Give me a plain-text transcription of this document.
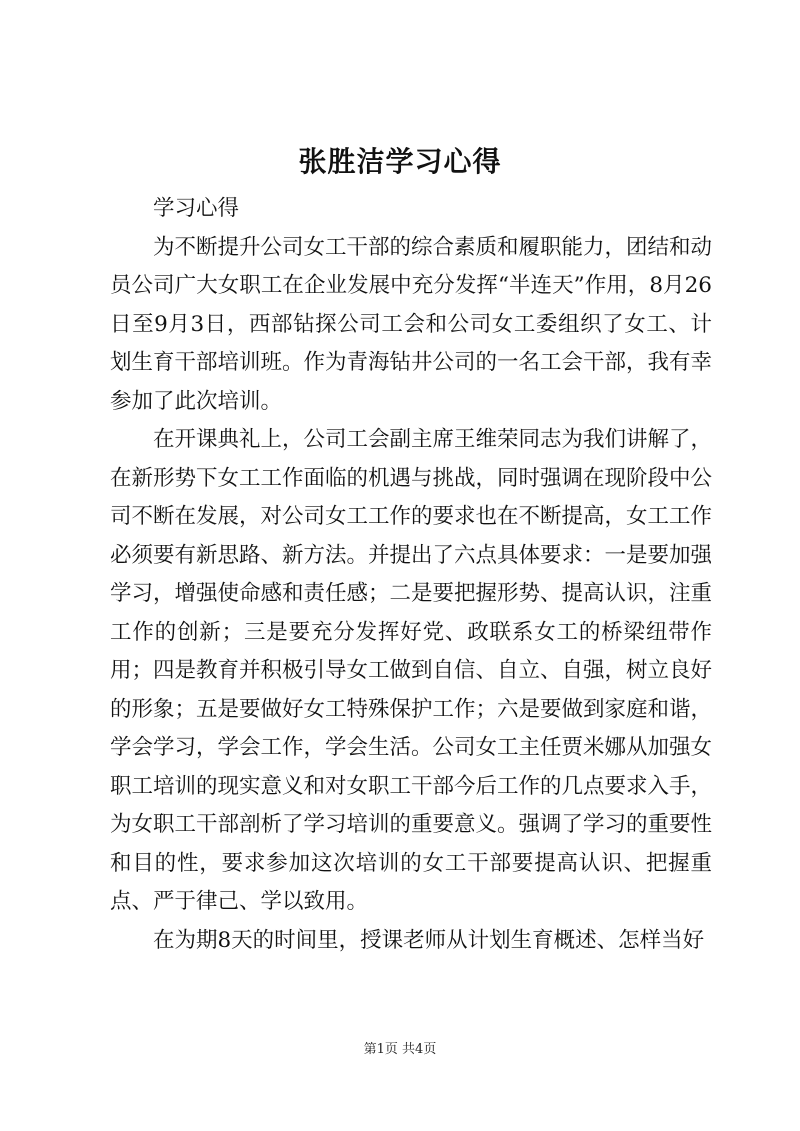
张胜洁学习心得

学习心得

为不断提升公司女工干部的综合素质和履职能力，团结和动员公司广大女职工在企业发展中充分发挥“半连天”作用，8月26日至9月3日，西部钻探公司工会和公司女工委组织了女工、计划生育干部培训班。作为青海钻井公司的一名工会干部，我有幸参加了此次培训。

在开课典礼上，公司工会副主席王维荣同志为我们讲解了，在新形势下女工工作面临的机遇与挑战，同时强调在现阶段中公司不断在发展，对公司女工工作的要求也在不断提高，女工工作必须要有新思路、新方法。并提出了六点具体要求：一是要加强学习，增强使命感和责任感；二是要把握形势、提高认识，注重工作的创新；三是要充分发挥好党、政联系女工的桥梁纽带作用；四是教育并积极引导女工做到自信、自立、自强，树立良好的形象；五是要做好女工特殊保护工作；六是要做到家庭和谐，学会学习，学会工作，学会生活。公司女工主任贾米娜从加强女职工培训的现实意义和对女职工干部今后工作的几点要求入手，为女职工干部剖析了学习培训的重要意义。强调了学习的重要性和目的性，要求参加这次培训的女工干部要提高认识、把握重点、严于律己、学以致用。

在为期8天的时间里，授课老师从计划生育概述、怎样当好

第1页 共4页
